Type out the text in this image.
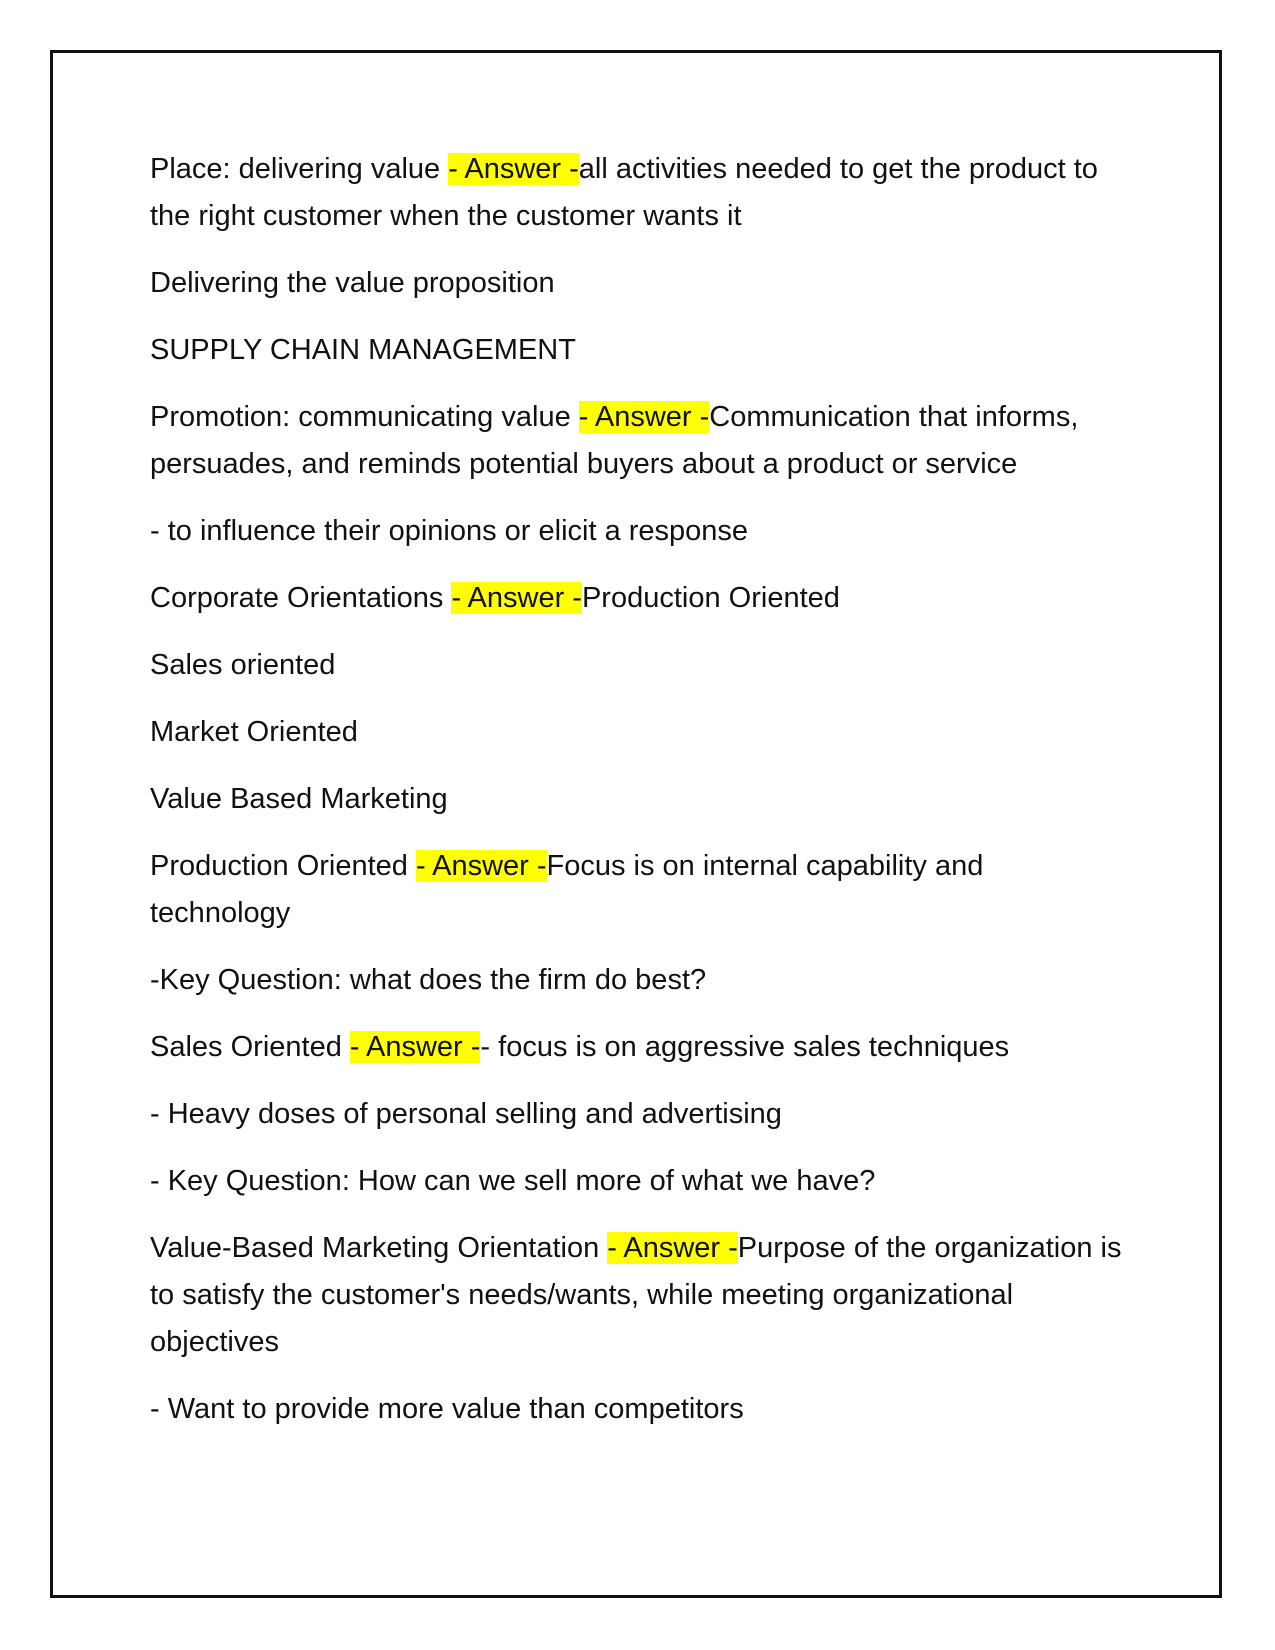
Place: delivering value - Answer -all activities needed to get the product to the right customer when the customer wants it

Delivering the value proposition

SUPPLY CHAIN MANAGEMENT

Promotion: communicating value - Answer -Communication that informs, persuades, and reminds potential buyers about a product or service

- to influence their opinions or elicit a response

Corporate Orientations - Answer -Production Oriented

Sales oriented

Market Oriented

Value Based Marketing

Production Oriented - Answer -Focus is on internal capability and technology

-Key Question: what does the firm do best?

Sales Oriented - Answer -- focus is on aggressive sales techniques

- Heavy doses of personal selling and advertising

- Key Question: How can we sell more of what we have?

Value-Based Marketing Orientation - Answer -Purpose of the organization is to satisfy the customer's needs/wants, while meeting organizational objectives

- Want to provide more value than competitors
